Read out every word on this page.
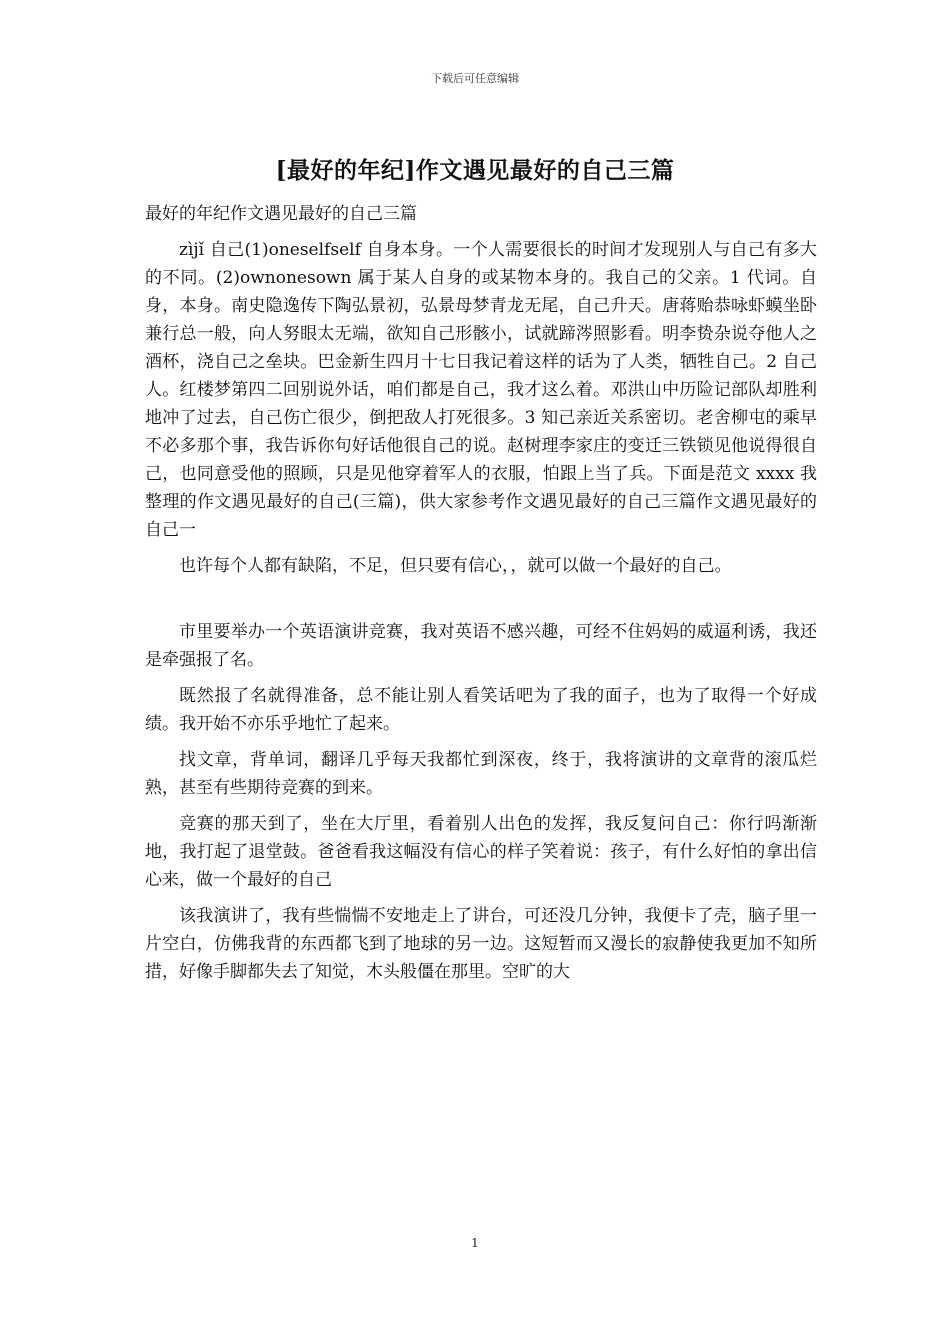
下载后可任意编辑
[最好的年纪]作文遇见最好的自己三篇

最好的年纪作文遇见最好的自己三篇

zìjǐ 自己(1)oneselfself 自身本身。一个人需要很长的时间才发现别人与自己有多大的不同。(2)ownonesown 属于某人自身的或某物本身的。我自己的父亲。1 代词。自身，本身。南史隐逸传下陶弘景初，弘景母梦青龙无尾，自己升天。唐蒋贻恭咏虾蟆坐卧兼行总一般，向人努眼太无端，欲知自己形骸小，试就蹄涔照影看。明李贽杂说夺他人之酒杯，浇自己之垒块。巴金新生四月十七日我记着这样的话为了人类，牺牲自己。2 自己人。红楼梦第四二回别说外话，咱们都是自己，我才这么着。邓洪山中历险记部队却胜利地冲了过去，自己伤亡很少，倒把敌人打死很多。3 知己亲近关系密切。老舍柳屯的乘早不必多那个事，我告诉你句好话他很自己的说。赵树理李家庄的变迁三铁锁见他说得很自己，也同意受他的照顾，只是见他穿着军人的衣服，怕跟上当了兵。下面是范文 xxxx 我整理的作文遇见最好的自己(三篇)，供大家参考作文遇见最好的自己三篇作文遇见最好的自己一

也许每个人都有缺陷，不足，但只要有信心，，就可以做一个最好的自己。

市里要举办一个英语演讲竞赛，我对英语不感兴趣，可经不住妈妈的威逼利诱，我还是牵强报了名。

既然报了名就得准备，总不能让别人看笑话吧为了我的面子，也为了取得一个好成绩。我开始不亦乐乎地忙了起来。

找文章，背单词，翻译几乎每天我都忙到深夜，终于，我将演讲的文章背的滚瓜烂熟，甚至有些期待竞赛的到来。

竞赛的那天到了，坐在大厅里，看着别人出色的发挥，我反复问自己：你行吗渐渐地，我打起了退堂鼓。爸爸看我这幅没有信心的样子笑着说：孩子，有什么好怕的拿出信心来，做一个最好的自己

该我演讲了，我有些惴惴不安地走上了讲台，可还没几分钟，我便卡了壳，脑子里一片空白，仿佛我背的东西都飞到了地球的另一边。这短暂而又漫长的寂静使我更加不知所措，好像手脚都失去了知觉，木头般僵在那里。空旷的大

1
